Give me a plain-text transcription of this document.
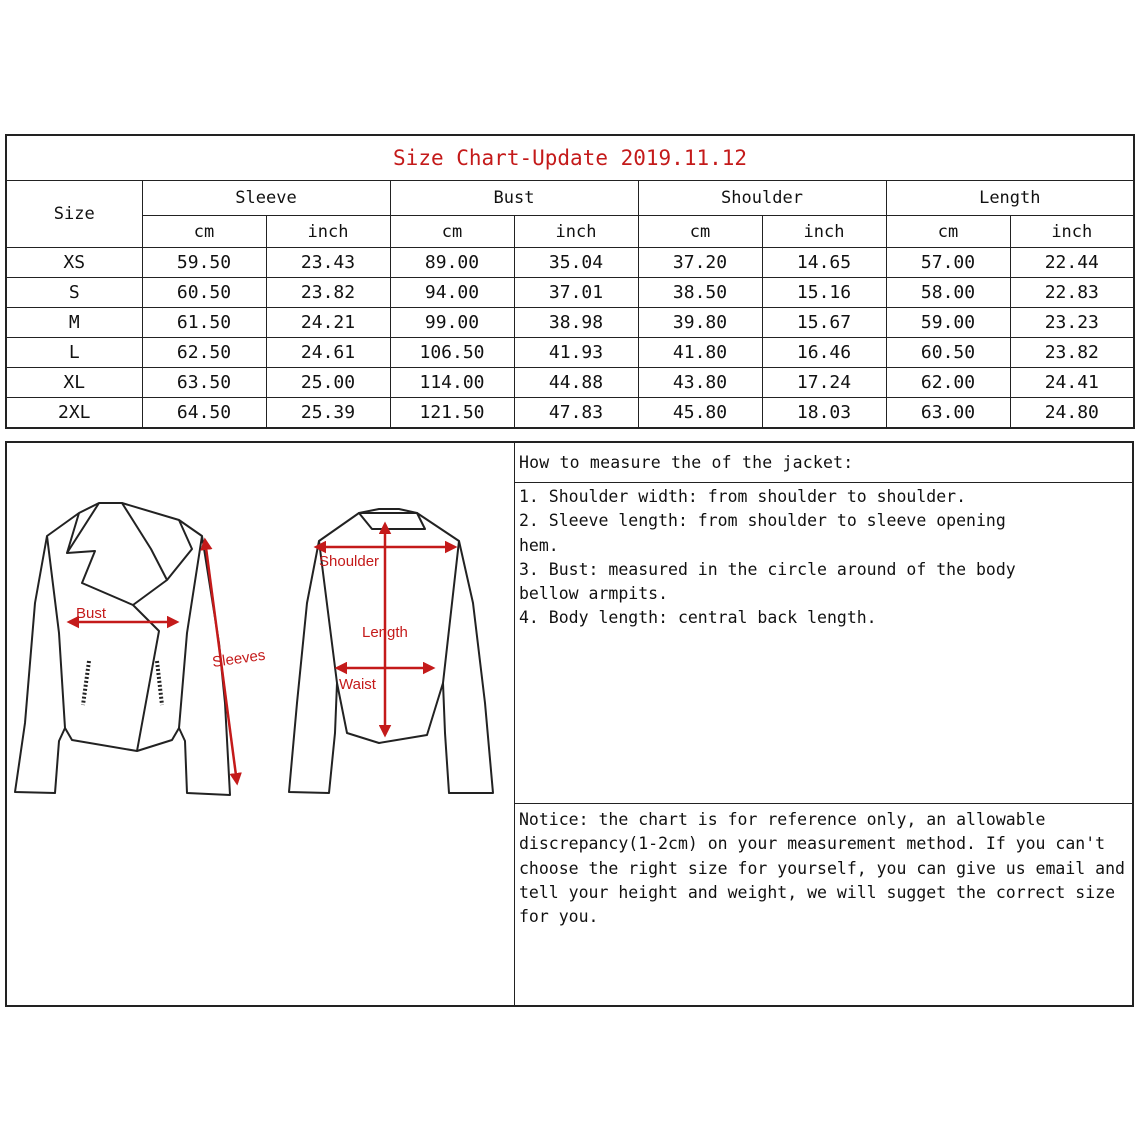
Size Chart-Update 2019.11.12								
Size	Sleeve		Bust		Shoulder		Length	
	cm	inch	cm	inch	cm	inch	cm	inch
XS	59.50	23.43	89.00	35.04	37.20	14.65	57.00	22.44
S	60.50	23.82	94.00	37.01	38.50	15.16	58.00	22.83
M	61.50	24.21	99.00	38.98	39.80	15.67	59.00	23.23
L	62.50	24.61	106.50	41.93	41.80	16.46	60.50	23.82
XL	63.50	25.00	114.00	44.88	43.80	17.24	62.00	24.41
2XL	64.50	25.39	121.50	47.83	45.80	18.03	63.00	24.80
Bust
Sleeves
Shoulder
Length
Waist
How to measure the of the jacket:
1. Shoulder width: from shoulder to shoulder.
2. Sleeve length: from shoulder to sleeve opening
hem.
3. Bust: measured in the circle around of the body
bellow armpits.
4. Body length: central back length.
Notice: the chart is for reference only, an allowable discrepancy(1-2cm) on your measurement method. If you can't choose the right size for yourself, you can give us email and tell your height and weight, we will sugget the correct size for you.
